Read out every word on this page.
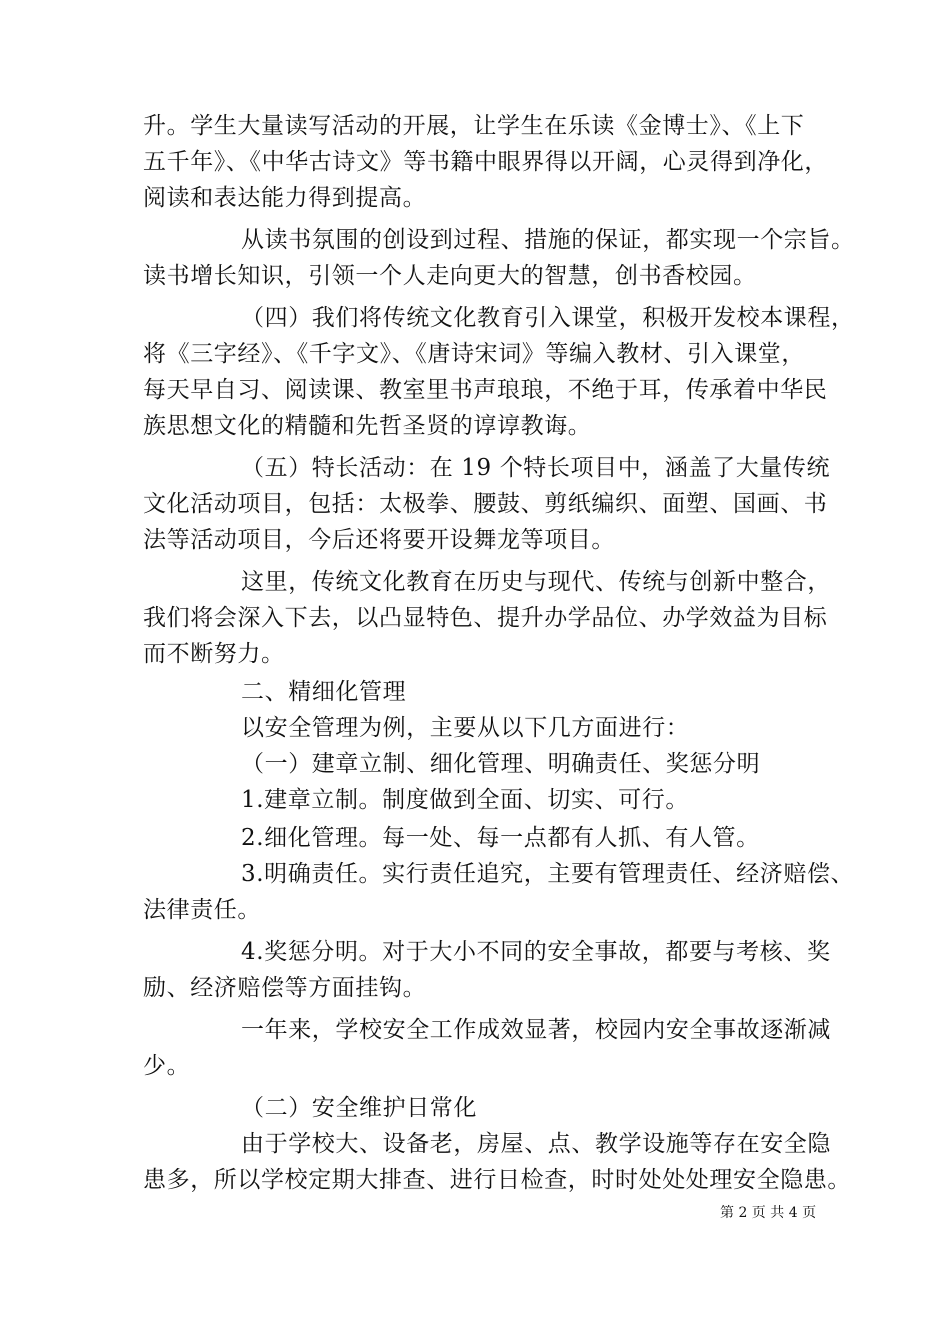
升。学生大量读写活动的开展，让学生在乐读《金博士》、《上下
五千年》、《中华古诗文》等书籍中眼界得以开阔，心灵得到净化，
阅读和表达能力得到提高。
从读书氛围的创设到过程、措施的保证，都实现一个宗旨。
读书增长知识，引领一个人走向更大的智慧，创书香校园。
（四）我们将传统文化教育引入课堂，积极开发校本课程，
将《三字经》、《千字文》、《唐诗宋词》等编入教材、引入课堂，
每天早自习、阅读课、教室里书声琅琅，不绝于耳，传承着中华民
族思想文化的精髓和先哲圣贤的谆谆教诲。
（五）特长活动：在 19 个特长项目中，涵盖了大量传统
文化活动项目，包括：太极拳、腰鼓、剪纸编织、面塑、国画、书
法等活动项目，今后还将要开设舞龙等项目。
这里，传统文化教育在历史与现代、传统与创新中整合，
我们将会深入下去，以凸显特色、提升办学品位、办学效益为目标
而不断努力。
二、精细化管理
以安全管理为例，主要从以下几方面进行：
（一）建章立制、细化管理、明确责任、奖惩分明
1.建章立制。制度做到全面、切实、可行。
2.细化管理。每一处、每一点都有人抓、有人管。
3.明确责任。实行责任追究，主要有管理责任、经济赔偿、
法律责任。
4.奖惩分明。对于大小不同的安全事故，都要与考核、奖
励、经济赔偿等方面挂钩。
一年来，学校安全工作成效显著，校园内安全事故逐渐减
少。
（二）安全维护日常化
由于学校大、设备老，房屋、点、教学设施等存在安全隐
患多，所以学校定期大排查、进行日检查，时时处处处理安全隐患。
第 2 页 共 4 页
